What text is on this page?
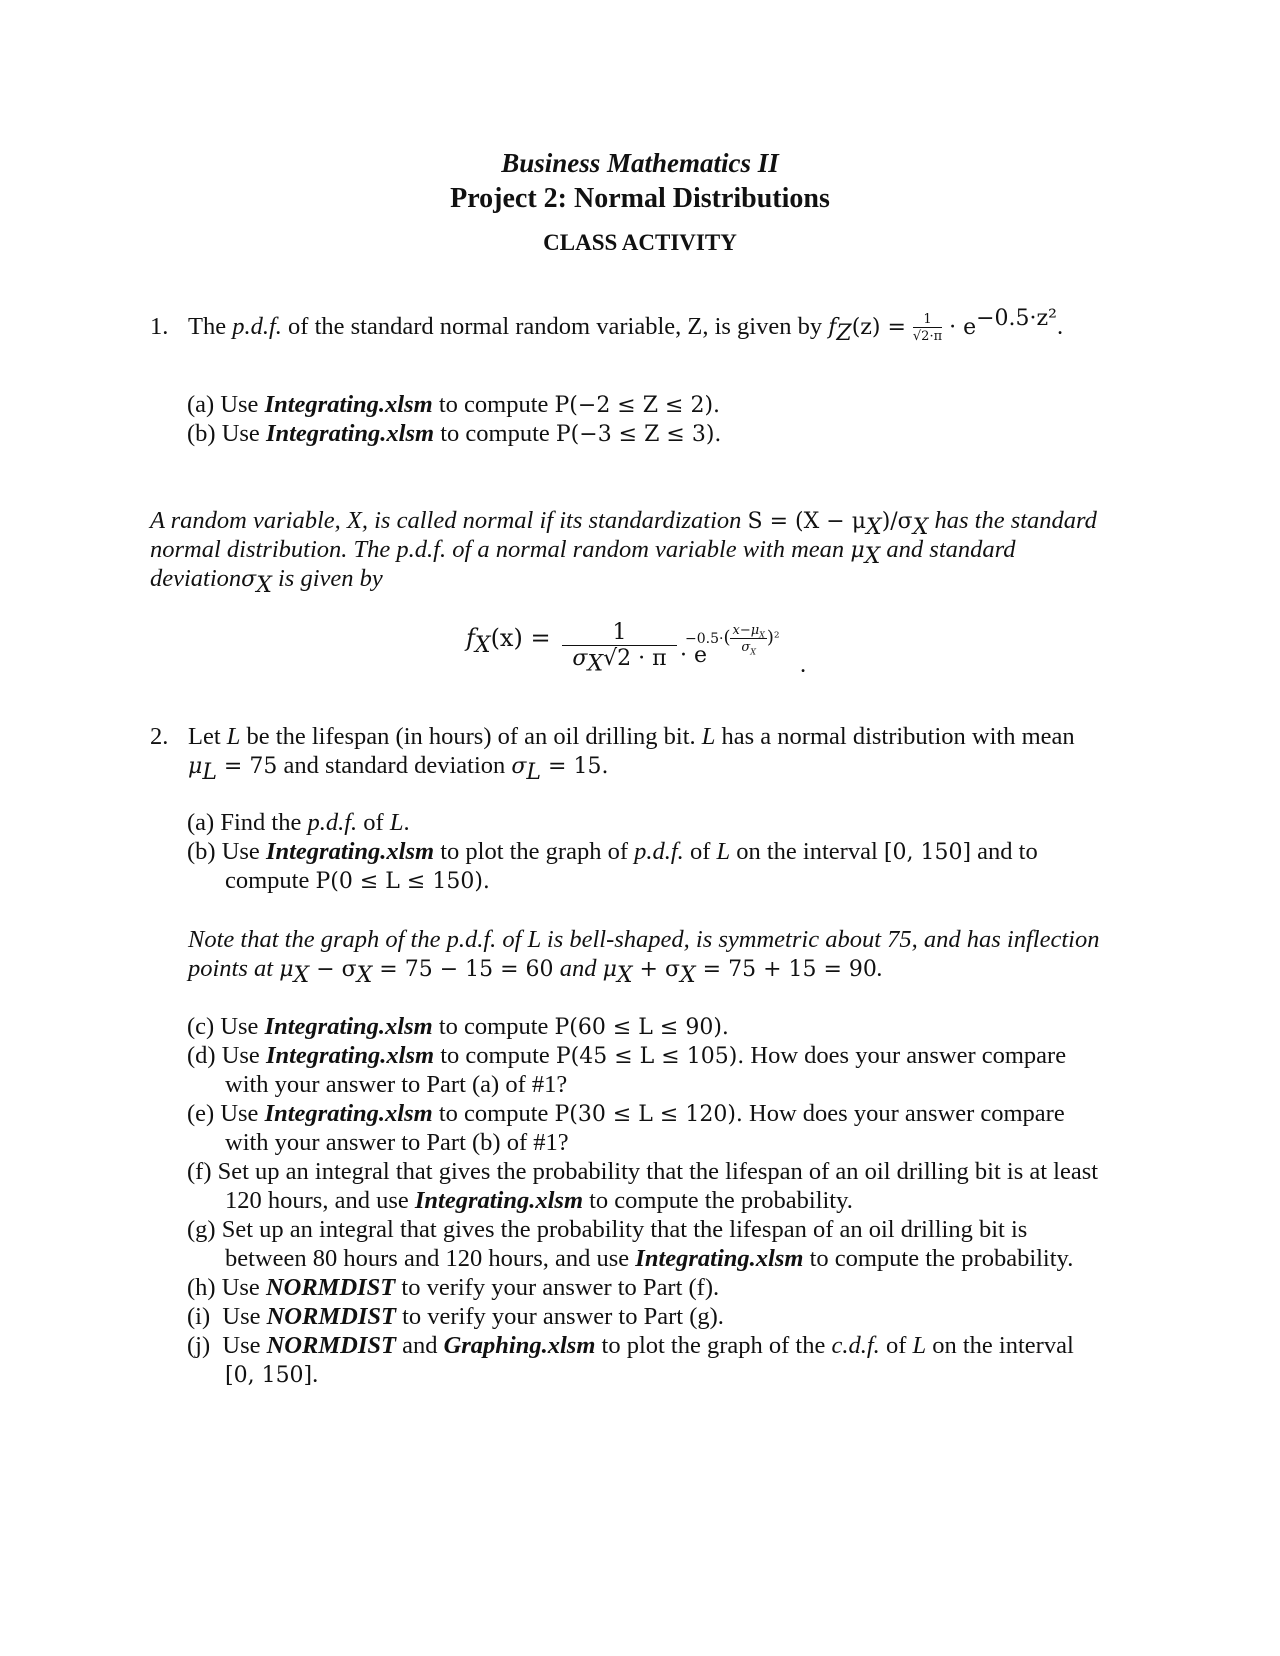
Business Mathematics II
Project 2: Normal Distributions
CLASS ACTIVITY
1. The p.d.f. of the standard normal random variable, Z, is given by $f_Z(z) = \frac{1}{√2\cdot\pi} \cdot e^{-0.5\cdot z^2}$.
(a) Use Integrating.xlsm to compute P(−2 ≤ Z ≤ 2).
(b) Use Integrating.xlsm to compute P(−3 ≤ Z ≤ 3).
A random variable, X, is called normal if its standardization $S = (X - \mu_X)/\sigma_X$ has the standard
normal distribution. The p.d.f. of a normal random variable with mean $\mu_X$ and standard
deviationσ$_X$ is given by
$f_X(x) = \frac{1}{\sigma_X√2 \cdot \pi} \cdot e$
$-0.5\cdot( \frac{x-\mu_X}{\sigma_X} )^2$
.
2. Let L be the lifespan (in hours) of an oil drilling bit. L has a normal distribution with mean
$\mu_L = 75$ and standard deviation $\sigma_L = 15$.
(a) Find the p.d.f. of L.
(b) Use Integrating.xlsm to plot the graph of p.d.f. of L on the interval [0, 150] and to
compute P(0 ≤ L ≤ 150).
Note that the graph of the p.d.f. of L is bell-shaped, is symmetric about 75, and has inflection
points at $\mu_X - \sigma_X = 75 - 15 = 60$ and $\mu_X + \sigma_X = 75 + 15 = 90$.
(c) Use Integrating.xlsm to compute P(60 ≤ L ≤ 90).
(d) Use Integrating.xlsm to compute P(45 ≤ L ≤ 105). How does your answer compare
with your answer to Part (a) of #1?
(e) Use Integrating.xlsm to compute P(30 ≤ L ≤ 120). How does your answer compare
with your answer to Part (b) of #1?
(f) Set up an integral that gives the probability that the lifespan of an oil drilling bit is at least
120 hours, and use Integrating.xlsm to compute the probability.
(g) Set up an integral that gives the probability that the lifespan of an oil drilling bit is
between 80 hours and 120 hours, and use Integrating.xlsm to compute the probability.
(h) Use NORMDIST to verify your answer to Part (f).
(i) Use NORMDIST to verify your answer to Part (g).
(j) Use NORMDIST and Graphing.xlsm to plot the graph of the c.d.f. of L on the interval
[0, 150].
